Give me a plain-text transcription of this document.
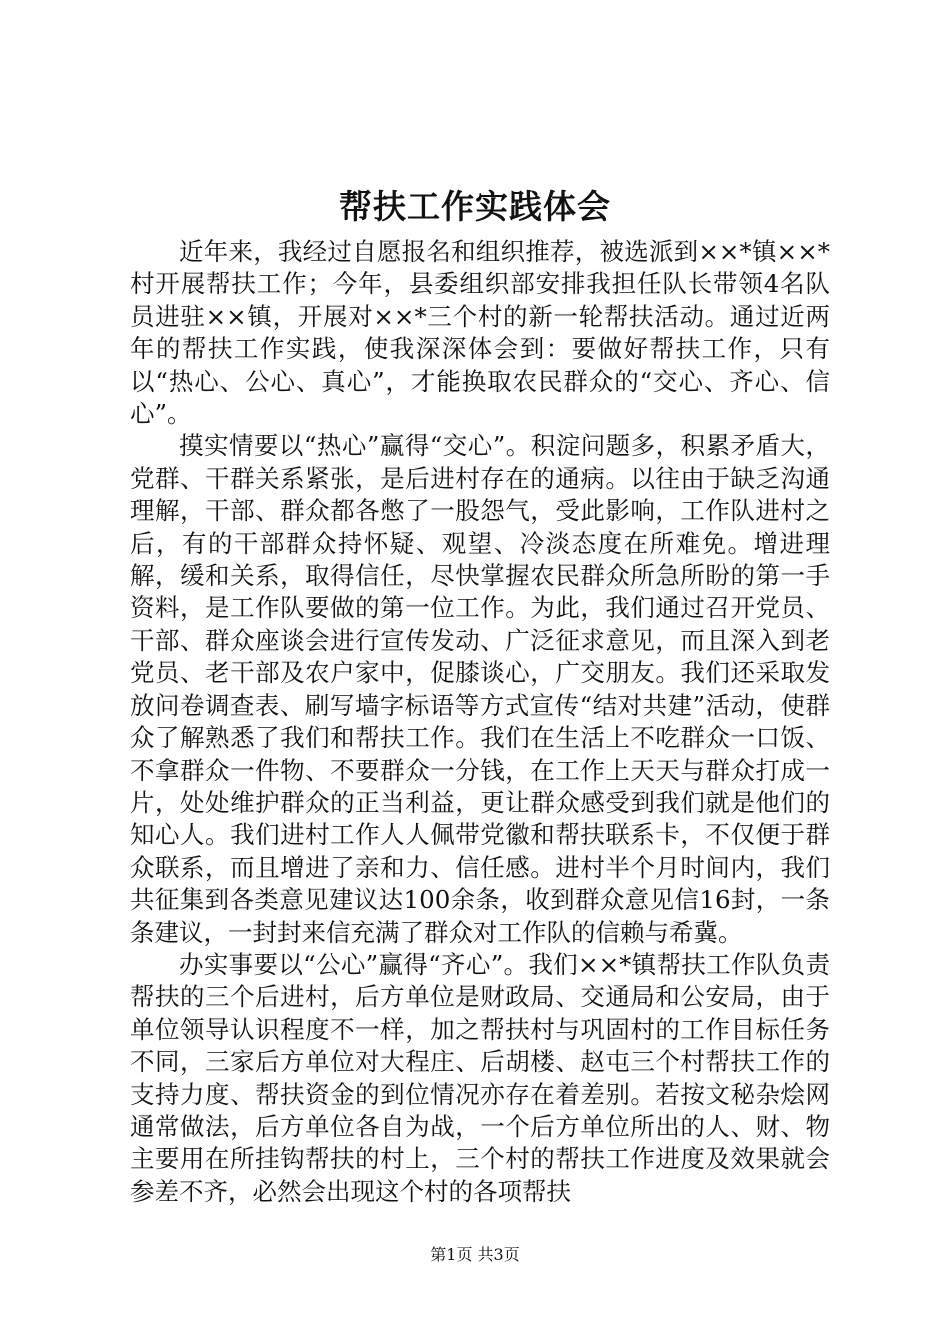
帮扶工作实践体会

近年来，我经过自愿报名和组织推荐，被选派到××*镇××*村开展帮扶工作；今年，县委组织部安排我担任队长带领4名队员进驻××镇，开展对××*三个村的新一轮帮扶活动。通过近两年的帮扶工作实践，使我深深体会到：要做好帮扶工作，只有以“热心、公心、真心”，才能换取农民群众的“交心、齐心、信心”。

摸实情要以“热心”赢得“交心”。积淀问题多，积累矛盾大，党群、干群关系紧张，是后进村存在的通病。以往由于缺乏沟通理解，干部、群众都各憋了一股怨气，受此影响，工作队进村之后，有的干部群众持怀疑、观望、冷淡态度在所难免。增进理解，缓和关系，取得信任，尽快掌握农民群众所急所盼的第一手资料，是工作队要做的第一位工作。为此，我们通过召开党员、干部、群众座谈会进行宣传发动、广泛征求意见，而且深入到老党员、老干部及农户家中，促膝谈心，广交朋友。我们还采取发放问卷调查表、刷写墙字标语等方式宣传“结对共建”活动，使群众了解熟悉了我们和帮扶工作。我们在生活上不吃群众一口饭、不拿群众一件物、不要群众一分钱，在工作上天天与群众打成一片，处处维护群众的正当利益，更让群众感受到我们就是他们的知心人。我们进村工作人人佩带党徽和帮扶联系卡，不仅便于群众联系，而且增进了亲和力、信任感。进村半个月时间内，我们共征集到各类意见建议达100余条，收到群众意见信16封，一条条建议，一封封来信充满了群众对工作队的信赖与希冀。

办实事要以“公心”赢得“齐心”。我们××*镇帮扶工作队负责帮扶的三个后进村，后方单位是财政局、交通局和公安局，由于单位领导认识程度不一样，加之帮扶村与巩固村的工作目标任务不同，三家后方单位对大程庄、后胡楼、赵屯三个村帮扶工作的支持力度、帮扶资金的到位情况亦存在着差别。若按文秘杂烩网通常做法，后方单位各自为战，一个后方单位所出的人、财、物主要用在所挂钩帮扶的村上，三个村的帮扶工作进度及效果就会参差不齐，必然会出现这个村的各项帮扶

第1页 共3页
